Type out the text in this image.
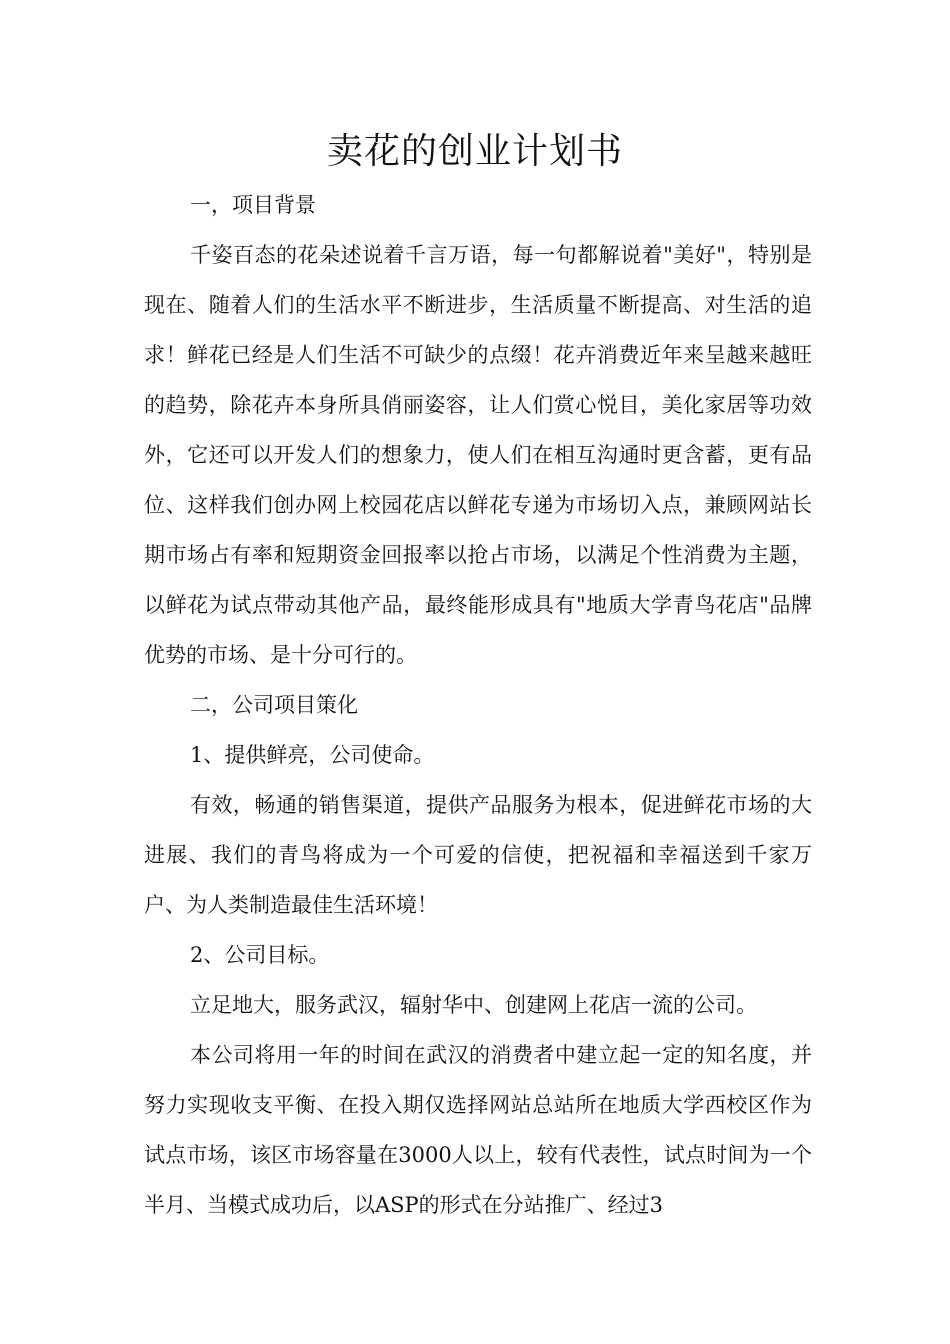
卖花的创业计划书

一，项目背景

千姿百态的花朵述说着千言万语，每一句都解说着"美好"，特别是现在、随着人们的生活水平不断进步，生活质量不断提高、对生活的追求！鲜花已经是人们生活不可缺少的点缀！花卉消费近年来呈越来越旺的趋势，除花卉本身所具俏丽姿容，让人们赏心悦目，美化家居等功效外，它还可以开发人们的想象力，使人们在相互沟通时更含蓄，更有品位、这样我们创办网上校园花店以鲜花专递为市场切入点，兼顾网站长期市场占有率和短期资金回报率以抢占市场，以满足个性消费为主题，以鲜花为试点带动其他产品，最终能形成具有"地质大学青鸟花店"品牌优势的市场、是十分可行的。

二，公司项目策化

1、提供鲜亮，公司使命。

有效，畅通的销售渠道，提供产品服务为根本，促进鲜花市场的大进展、我们的青鸟将成为一个可爱的信使，把祝福和幸福送到千家万户、为人类制造最佳生活环境！

2、公司目标。

立足地大，服务武汉，辐射华中、创建网上花店一流的公司。

本公司将用一年的时间在武汉的消费者中建立起一定的知名度，并努力实现收支平衡、在投入期仅选择网站总站所在地质大学西校区作为试点市场，该区市场容量在3000人以上，较有代表性，试点时间为一个半月、当模式成功后，以ASP的形式在分站推广、经过3
